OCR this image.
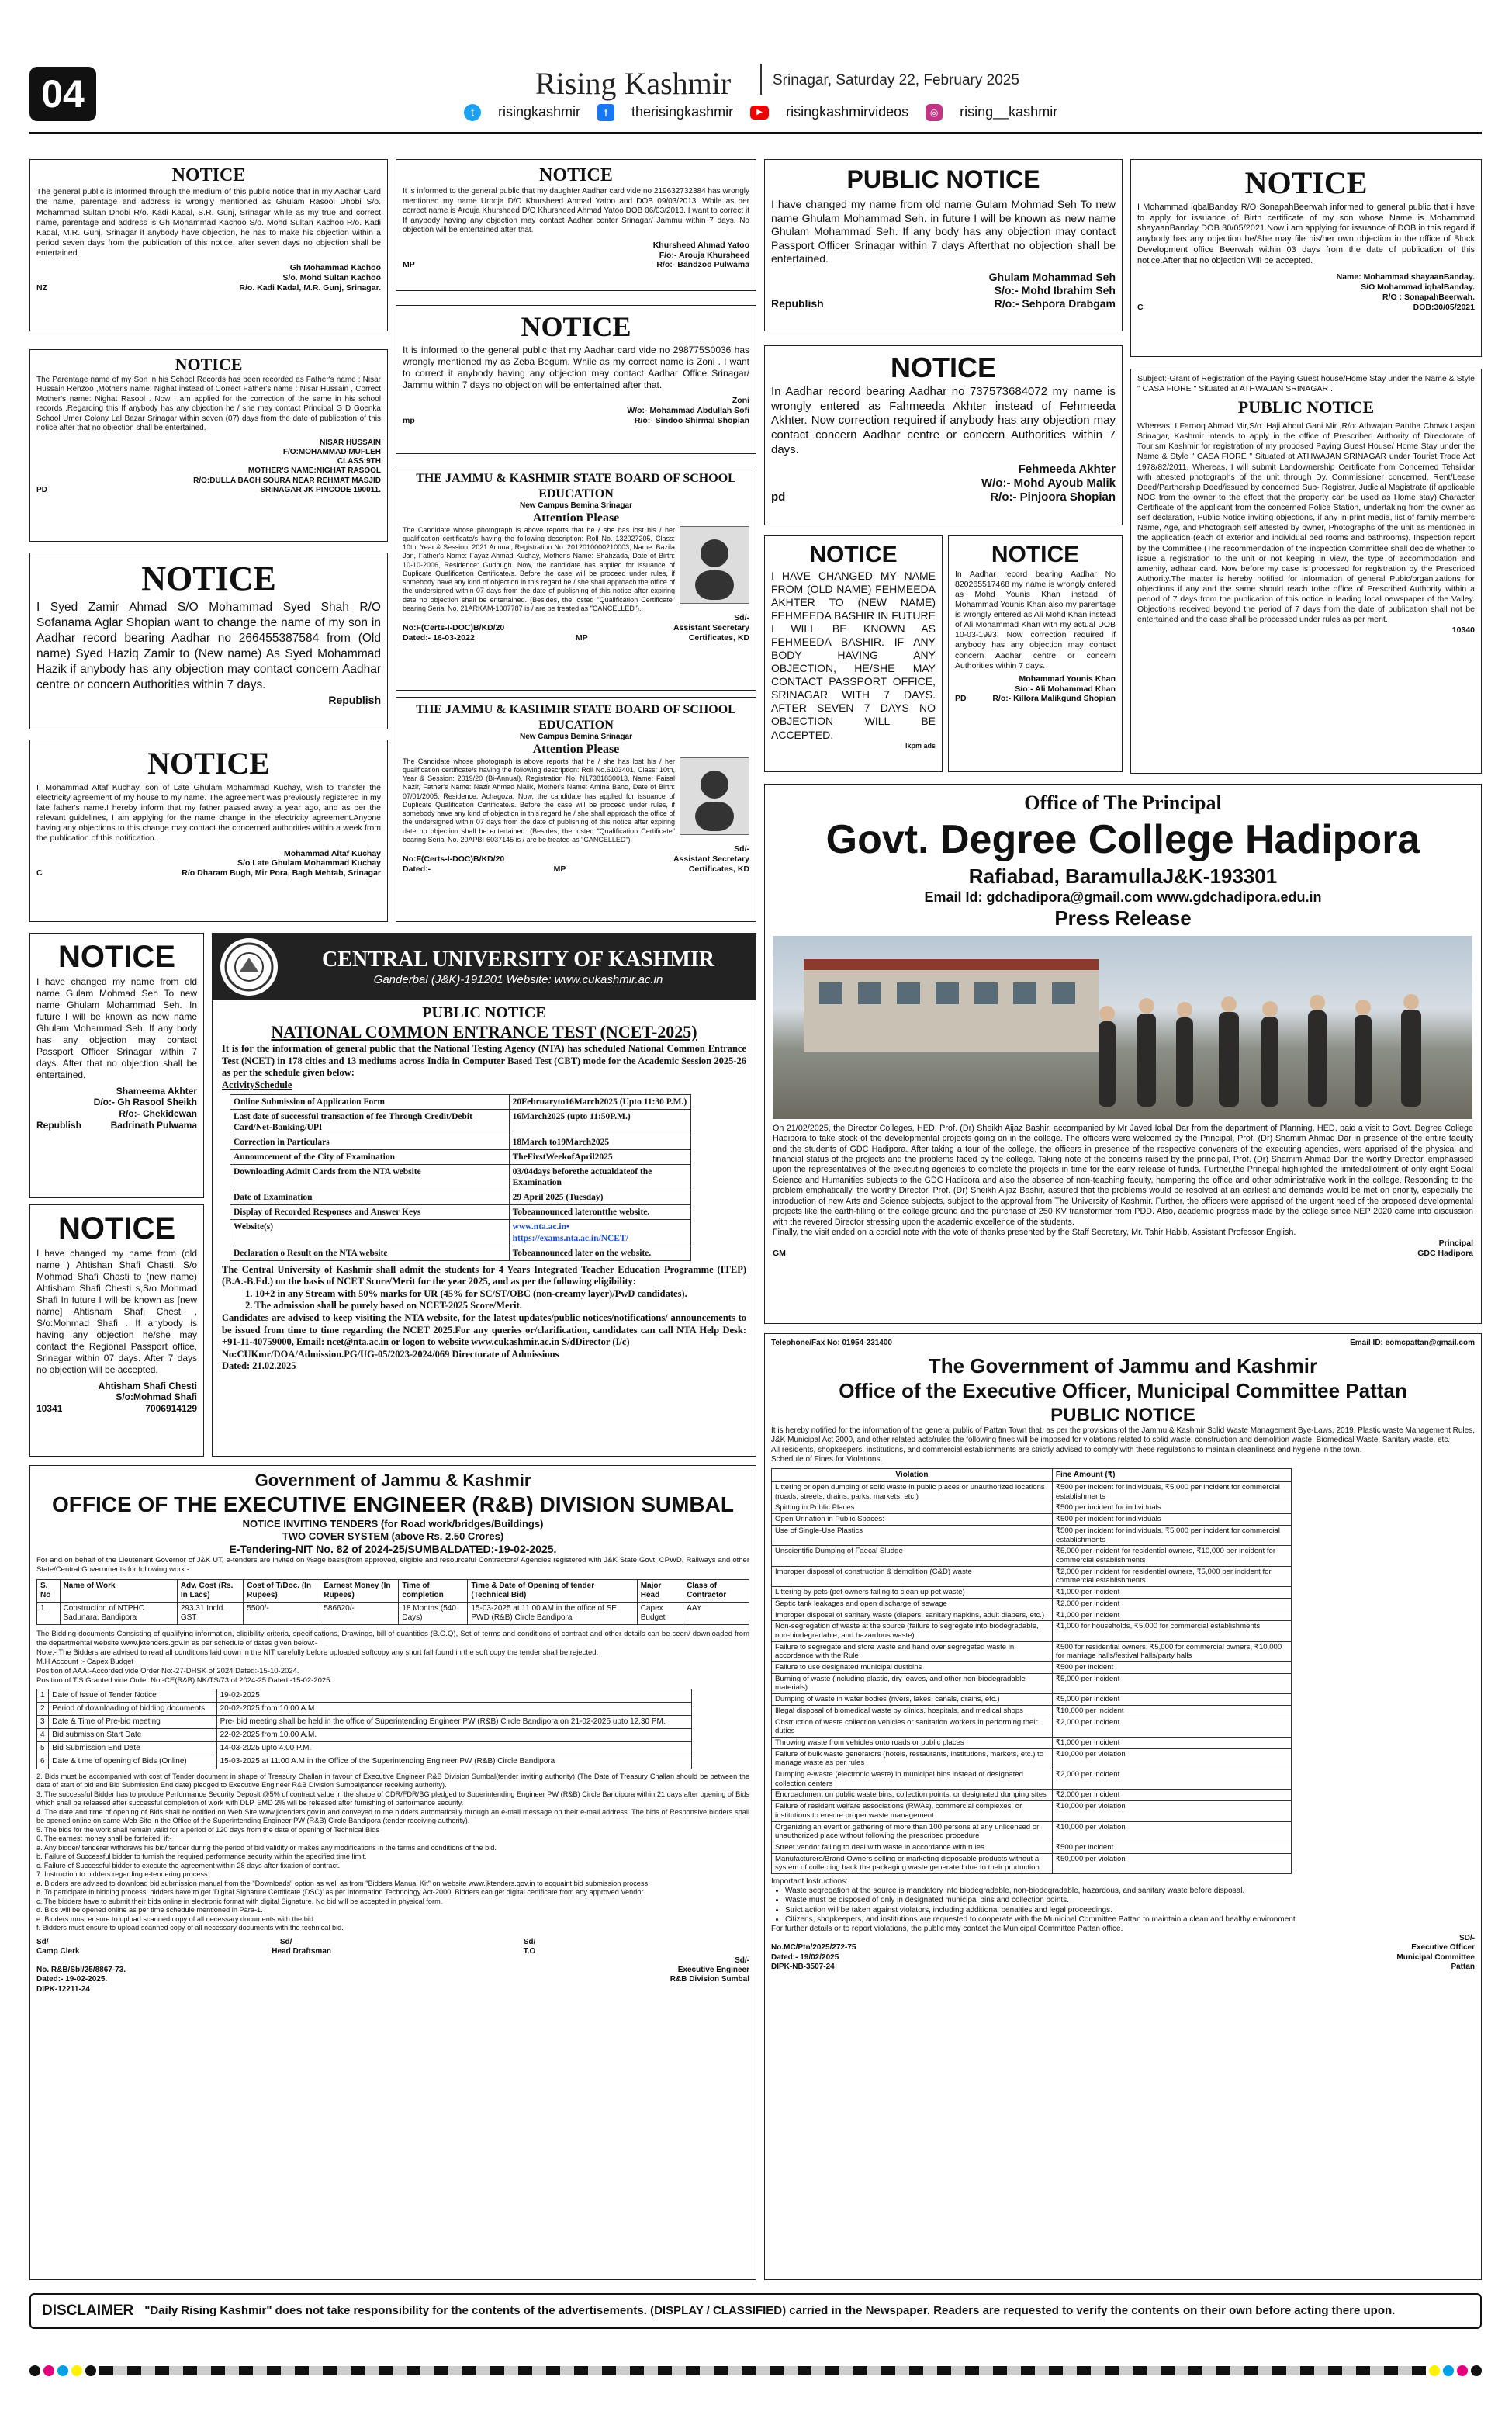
04	Rising Kashmir	Srinagar, Saturday 22, February 2025
t	risingkashmir	f	therisingkashmir	▶	risingkashmirvideos	◎	rising__kashmir
NOTICE
The general public is informed through the medium of this public notice that in my Aadhar Card the name, parentage and address is wrongly mentioned as Ghulam Rasool Dhobi S/o. Mohammad Sultan Dhobi R/o. Kadi Kadal, S.R. Gunj, Srinagar while as my true and correct name, parentage and address is Gh Mohammad Kachoo S/o. Mohd Sultan Kachoo R/o. Kadi Kadal, M.R. Gunj, Srinagar if anybody have objection, he has to make his objection within a period seven days from the publication of this notice, after seven days no objection shall be entertained.
Gh Mohammad Kachoo
S/o. Mohd Sultan Kachoo
NZ	R/o. Kadi Kadal, M.R. Gunj, Srinagar.
NOTICE
It is informed to the general public that my daughter Aadhar card vide no 219632732384 has wrongly mentioned my name Urooja D/O Khursheed Ahmad Yatoo and DOB 09/03/2013. While as her correct name is Arouja Khursheed D/O Khursheed Ahmad Yatoo DOB 06/03/2013. I want to correct it If anybody having any objection may contact Aadhar center Srinagar/ Jammu within 7 days. No objection will be entertained after that.
Khursheed Ahmad Yatoo
F/o:- Arouja Khursheed
MP	R/o:- Bandzoo Pulwama
PUBLIC NOTICE
I have changed my name from old name Gulam Mohmad Seh To new name Ghulam Mohammad Seh. in future I will be known as new name Ghulam Mohammad Seh. If any body has any objection may contact Passport Officer Srinagar within 7 days Afterthat no objection shall be entertained.
Ghulam Mohammad Seh
S/o:- Mohd Ibrahim Seh
Republish	R/o:- Sehpora Drabgam
NOTICE
I Mohammad iqbalBanday R/O SonapahBeerwah informed to general public that i have to apply for issuance of Birth certificate of my son whose Name is Mohammad shayaanBanday DOB 30/05/2021.Now i am applying for issuance of DOB in this regard if anybody has any objection he/She may file his/her own objection in the office of Block Development office Beerwah within 03 days from the date of publication of this notice.After that no objection Will be accepted.
Name: Mohammad shayaanBanday.
S/O Mohammad iqbalBanday.
R/O : SonapahBeerwah.
C	DOB:30/05/2021
NOTICE
The Parentage name of my Son in his School Records has been recorded as Father's name : Nisar Hussain Renzoo ,Mother's name: Nighat instead of Correct Father's name : Nisar Hussain , Correct Mother's name: Nighat Rasool . Now I am applied for the correction of the same in his school records .Regarding this If anybody has any objection he / she may contact Principal G D Goenka School Umer Colony Lal Bazar Srinagar within seven (07) days from the date of publication of this notice after that no objection shall be entertained.
NISAR HUSSAIN
F/O:MOHAMMAD MUFLEH
CLASS:9TH
MOTHER'S NAME:NIGHAT RASOOL
R/O:DULLA BAGH SOURA NEAR REHMAT MASJID
PD	SRINAGAR JK PINCODE 190011.
NOTICE
It is informed to the general public that my Aadhar card vide no 298775S0036 has wrongly mentioned my as Zeba Begum. While as my correct name is Zoni . I want to correct it anybody having any objection may contact Aadhar Office Srinagar/ Jammu within 7 days no objection will be entertained after that.
Zoni
W/o:- Mohammad Abdullah Sofi
mp	R/o:- Sindoo Shirmal Shopian
NOTICE
In Aadhar record bearing Aadhar no 737573684072 my name is wrongly entered as Fahmeeda Akhter instead of Fehmeeda Akhter. Now correction required if anybody has any objection may contact concern Aadhar centre or concern Authorities within 7 days.
Fehmeeda Akhter
W/o:- Mohd Ayoub Malik
pd	R/o:- Pinjoora Shopian
Subject:-Grant of Registration of the Paying Guest house/Home Stay under the Name & Style " CASA FIORE " Situated at ATHWAJAN SRINAGAR .
PUBLIC NOTICE
Whereas, I Farooq Ahmad Mir,S/o :Haji Abdul Gani Mir ,R/o: Athwajan Pantha Chowk Lasjan Srinagar, Kashmir intends to apply in the office of Prescribed Authority of Directorate of Tourism Kashmir for registration of my proposed Paying Guest House/ Home Stay under the Name & Style " CASA FIORE " Situated at ATHWAJAN SRINAGAR under Tourist Trade Act 1978/82/2011. Whereas, I will submit Landownership Certificate from Concerned Tehsildar with attested photographs of the unit through Dy. Commissioner concerned, Rent/Lease Deed/Partnership Deed/issued by concerned Sub- Registrar, Judicial Magistrate (if applicable NOC from the owner to the effect that the property can be used as Home stay),Character Certificate of the applicant from the concerned Police Station, undertaking from the owner as self declaration, Public Notice inviting objections, if any in print media, list of family members Name, Age, and Photograph self attested by owner, Photographs of the unit as mentioned in the application (each of exterior and individual bed rooms and bathrooms), Inspection report by the Committee (The recommendation of the inspection Committee shall decide whether to issue a registration to the unit or not keeping in view, the type of accommodation and amenity, adhaar card. Now before my case is processed for registration by the Prescribed Authority.The matter is hereby notified for information of general Pubic/organizations for objections if any and the same should reach tothe office of Prescribed Authority within a period of 7 days from the publication of this notice in leading local newspaper of the Valley. Objections received beyond the period of 7 days from the date of publication shall not be entertained and the case shall be processed under rules as per merit.
10340
NOTICE
I Syed Zamir Ahmad S/O Mohammad Syed Shah R/O Sofanama Aglar Shopian want to change the name of my son in Aadhar record bearing Aadhar no 266455387584 from (Old name) Syed Haziq Zamir to (New name) As Syed Mohammad Hazik if anybody has any objection may contact concern Aadhar centre or concern Authorities within 7 days.
Republish
THE JAMMU & KASHMIR STATE BOARD OF SCHOOL EDUCATION
New Campus Bemina Srinagar
Attention Please
The Candidate whose photograph is above reports that he / she has lost his / her qualification certificate/s having the following description: Roll No. 132027205, Class: 10th, Year & Session: 2021 Annual, Registration No. 2012010000210003, Name: Bazila Jan, Father's Name: Fayaz Ahmad Kuchay, Mother's Name: Shahzada, Date of Birth: 10-10-2006, Residence: Gudbugh. Now, the candidate has applied for issuance of Duplicate Qualification Certificate/s. Before the case will be proceed under rules, if somebody have any kind of objection in this regard he / she shall approach the office of the undersigned within 07 days from the date of publishing of this notice after expiring date no objection shall be entertained. (Besides, the losted "Qualification Certificate" bearing Serial No. 21ARKAM-1007787 is / are be treated as "CANCELLED").
Sd/-
No:F(Certs-I-DOC)B/KD/20	Assistant Secretary
Dated:- 16-03-2022	MP	Certificates, KD
NOTICE
I HAVE CHANGED MY NAME FROM (OLD NAME) FEHMEEDA AKHTER TO (NEW NAME) FEHMEEDA BASHIR IN FUTURE I WILL BE KNOWN AS FEHMEEDA BASHIR. IF ANY BODY HAVING ANY OBJECTION, HE/SHE MAY CONTACT PASSPORT OFFICE, SRINAGAR WITH 7 DAYS. AFTER SEVEN 7 DAYS NO OBJECTION WILL BE ACCEPTED.
lkpm ads
NOTICE
In Aadhar record bearing Aadhar No 820265517468 my name is wrongly entered as Mohd Younis Khan instead of Mohammad Younis Khan also my parentage is wrongly entered as Ali Mohd Khan instead of Ali Mohammad Khan with my actual DOB 10-03-1993. Now correction required if anybody has any objection may contact concern Aadhar centre or concern Authorities within 7 days.
Mohammad Younis Khan
S/o:- Ali Mohammad Khan
PD	R/o:- Killora Malikgund Shopian
NOTICE
I, Mohammad Altaf Kuchay, son of Late Ghulam Mohammad Kuchay, wish to transfer the electricity agreement of my house to my name. The agreement was previously registered in my late father's name.I hereby inform that my father passed away a year ago, and as per the relevant guidelines, I am applying for the name change in the electricity agreement.Anyone having any objections to this change may contact the concerned authorities within a week from the publication of this notification.
Mohammad Altaf Kuchay
S/o Late Ghulam Mohammad Kuchay
C	R/o Dharam Bugh, Mir Pora, Bagh Mehtab, Srinagar
THE JAMMU & KASHMIR STATE BOARD OF SCHOOL EDUCATION
New Campus Bemina Srinagar
Attention Please
The Candidate whose photograph is above reports that he / she has lost his / her qualification certificate/s having the following description: Roll No.6103401, Class: 10th, Year & Session: 2019/20 (Bi-Annual), Registration No. N17381830013, Name: Faisal Nazir, Father's Name: Nazir Ahmad Malik, Mother's Name: Amina Bano, Date of Birth: 07/01/2005, Residence: Achagoza. Now, the candidate has applied for issuance of Duplicate Qualification Certificate/s. Before the case will be proceed under rules, if somebody have any kind of objection in this regard he / she shall approach the office of the undersigned within 07 days from the date of publishing of this notice after expiring date no objection shall be entertained. (Besides, the losted "Qualification Certificate" bearing Serial No. 20APBI-6037145 is / are be treated as "CANCELLED").
Sd/-
No:F(Certs-I-DOC)B/KD/20	Assistant Secretary
Dated:-	MP	Certificates, KD
Office of The Principal
Govt. Degree College Hadipora
Rafiabad, BaramullaJ&K-193301
Email Id: gdchadipora@gmail.com www.gdchadipora.edu.in
Press Release
On 21/02/2025, the Director Colleges, HED, Prof. (Dr) Sheikh Aijaz Bashir, accompanied by Mr Javed Iqbal Dar from the department of Planning, HED, paid a visit to Govt. Degree College Hadipora to take stock of the developmental projects going on in the college. The officers were welcomed by the Principal, Prof. (Dr) Shamim Ahmad Dar in presence of the entire faculty and the students of GDC Hadipora. After taking a tour of the college, the officers in presence of the respective conveners of the executing agencies, were apprised of the physical and financial status of the projects and the problems faced by the college. Taking note of the concerns raised by the principal, Prof. (Dr) Shamim Ahmad Dar, the worthy Director, emphasised upon the representatives of the executing agencies to complete the projects in time for the early release of funds. Further,the Principal highlighted the limitedallotment of only eight Social Science and Humanities subjects to the GDC Hadipora and also the absence of non-teaching faculty, hampering the office and other administrative work in the college. Responding to the problem emphatically, the worthy Director, Prof. (Dr) Sheikh Aijaz Bashir, assured that the problems would be resolved at an earliest and demands would be met on priority, especially the introduction of new Arts and Science subjects, subject to the approval from The University of Kashmir. Further, the officers were apprised of the urgent need of the proposed developmental projects like the earth-filling of the college ground and the purchase of 250 KV transformer from PDD. Also, academic progress made by the college since NEP 2020 came into discussion with the revered Director stressing upon the academic excellence of the students.
Finally, the visit ended on a cordial note with the vote of thanks presented by the Staff Secretary, Mr. Tahir Habib, Assistant Professor English.
Principal
GM	GDC Hadipora
NOTICE
I have changed my name from old name Gulam Mohmad Seh To new name Ghulam Mohammad Seh. In future I will be known as new name Ghulam Mohammad Seh. If any body has any objection may contact Passport Officer Srinagar within 7 days. After that no objection shall be entertained.
Shameema Akhter
D/o:- Gh Rasool Sheikh
R/o:- Chekidewan
Republish	Badrinath Pulwama
NOTICE
I have changed my name from (old name ) Ahtishan Shafi Chasti, S/o Mohmad Shafi Chasti to (new name) Ahtisham Shafi Chesti s,S/o Mohmad Shafi In future I will be known as [new name] Ahtisham Shafi Chesti , S/o:Mohmad Shafi . If anybody is having any objection he/she may contact the Regional Passport office, Srinagar within 07 days. After 7 days no objection will be accepted.
Ahtisham Shafi Chesti
S/o:Mohmad Shafi
10341	7006914129
CENTRAL UNIVERSITY OF KASHMIR
Ganderbal (J&K)-191201 Website: www.cukashmir.ac.in
PUBLIC NOTICE
NATIONAL COMMON ENTRANCE TEST (NCET-2025)
It is for the information of general public that the National Testing Agency (NTA) has scheduled National Common Entrance Test (NCET) in 178 cities and 13 mediums across India in Computer Based Test (CBT) mode for the Academic Session 2025-26 as per the schedule given below:
ActivitySchedule
Online Submission of Application Form	20Februaryto16March2025 (Upto 11:30 P.M.)
Last date of successful transaction of fee Through Credit/Debit Card/Net-Banking/UPI	16March2025 (upto 11:50P.M.)
Correction in Particulars	18March to19March2025
Announcement of the City of Examination	TheFirstWeekofApril2025
Downloading Admit Cards from the NTA website	03/04days beforethe actualdateof the Examination
Date of Examination	29 April 2025 (Tuesday)
Display of Recorded Responses and Answer Keys	Tobeannounced laterontthe website.
Website(s)	www.nta.ac.in• https://exams.nta.ac.in/NCET/
Declaration o Result on the NTA website	Tobeannounced later on the website.
The Central University of Kashmir shall admit the students for 4 Years Integrated Teacher Education Programme (ITEP) (B.A.-B.Ed.) on the basis of NCET Score/Merit for the year 2025, and as per the following eligibility:
1. 10+2 in any Stream with 50% marks for UR (45% for SC/ST/OBC (non-creamy layer)/PwD candidates).
2. The admission shall be purely based on NCET-2025 Score/Merit.
Candidates are advised to keep visiting the NTA website, for the latest updates/public notices/notifications/ announcements to be issued from time to time regarding the NCET 2025.For any queries or/clarification, candidates can call NTA Help Desk: +91-11-40759000, Email: ncet@nta.ac.in or logon to website www.cukashmir.ac.in S/dDirector (I/c)
No:CUKmr/DOA/Admission.PG/UG-05/2023-2024/069 Directorate of Admissions
Dated: 21.02.2025
Government of Jammu & Kashmir
OFFICE OF THE EXECUTIVE ENGINEER (R&B) DIVISION SUMBAL
NOTICE INVITING TENDERS (for Road work/bridges/Buildings)
TWO COVER SYSTEM (above Rs. 2.50 Crores)
E-Tendering-NIT No. 82 of 2024-25/SUMBALDATED:-19-02-2025.
For and on behalf of the Lieutenant Governor of J&K UT, e-tenders are invited on %age basis(from approved, eligible and resourceful Contractors/ Agencies registered with J&K State Govt. CPWD, Railways and other State/Central Governments for following work:-
S. No	Name of Work	Adv. Cost (Rs. In Lacs)	Cost of T/Doc. (In Rupees)	Earnest Money (In Rupees)	Time of completion	Time & Date of Opening of tender (Technical Bid)	Major Head	Class of Contractor
1.	Construction of NTPHC Sadunara, Bandipora	293.31 Incld. GST	5500/-	586620/-	18 Months (540 Days)	15-03-2025 at 11.00 AM in the office of SE PWD (R&B) Circle Bandipora	Capex Budget	AAY
The Bidding documents Consisting of qualifying information, eligibility criteria, specifications, Drawings, bill of quantities (B.O.Q), Set of terms and conditions of contract and other details can be seen/ downloaded from the departmental website www.jktenders.gov.in as per schedule of dates given below:-
Note:- The Bidders are advised to read all conditions laid down in the NIT carefully before uploaded softcopy any short fall found in the soft copy the tender shall be rejected.
M.H Account :- Capex Budget
Position of AAA:-Accorded vide Order No:-27-DHSK of 2024 Dated:-15-10-2024.
Position of T.S Granted vide Order No:-CE(R&B) NK/TS/73 of 2024-25 Dated:-15-02-2025.
1	Date of Issue of Tender Notice	19-02-2025
2	Period of downloading of bidding documents	20-02-2025 from 10.00 A.M
3	Date & Time of Pre-bid meeting	Pre- bid meeting shall be held in the office of Superintending Engineer PW (R&B) Circle Bandipora on 21-02-2025 upto 12.30 PM.
4	Bid submission Start Date	22-02-2025 from 10.00 A.M.
5	Bid Submission End Date	14-03-2025 upto 4.00 P.M.
6	Date & time of opening of Bids (Online)	15-03-2025 at 11.00 A.M in the Office of the Superintending Engineer PW (R&B) Circle Bandipora
2. Bids must be accompanied with cost of Tender document in shape of Treasury Challan in favour of Executive Engineer R&B Division Sumbal(tender inviting authority) (The Date of Treasury Challan should be between the date of start of bid and Bid Submission End date) pledged to Executive Engineer R&B Division Sumbal(tender receiving authority).
3. The successful Bidder has to produce Performance Security Deposit @5% of contract value in the shape of CDR/FDR/BG pledged to Superintending Engineer PW (R&B) Circle Bandipora within 21 days after opening of Bids which shall be released after successful completion of work with DLP. EMD 2% will be released after furnishing of performance security.
4. The date and time of opening of Bids shall be notified on Web Site www.jktenders.gov.in and conveyed to the bidders automatically through an e-mail message on their e-mail address. The bids of Responsive bidders shall be opened online on same Web Site in the Office of the Superintending Engineer PW (R&B) Circle Bandipora (tender receiving authority).
5. The bids for the work shall remain valid for a period of 120 days from the date of opening of Technical Bids
6. The earnest money shall be forfeited, if:-
a. Any bidder/ tenderer withdraws his bid/ tender during the period of bid validity or makes any modifications in the terms and conditions of the bid.
b. Failure of Successful bidder to furnish the required performance security within the specified time limit.
c. Failure of Successful bidder to execute the agreement within 28 days after fixation of contract.
7. Instruction to bidders regarding e-tendering process.
a. Bidders are advised to download bid submission manual from the "Downloads" option as well as from "Bidders Manual Kit" on website www.jktenders.gov.in to acquaint bid submission process.
b. To participate in bidding process, bidders have to get 'Digital Signature Certificate (DSC)' as per Information Technology Act-2000. Bidders can get digital certificate from any approved Vendor.
c. The bidders have to submit their bids online in electronic format with digital Signature. No bid will be accepted in physical form.
d. Bids will be opened online as per time schedule mentioned in Para-1.
e. Bidders must ensure to upload scanned copy of all necessary documents with the bid.
f. Bidders must ensure to upload scanned copy of all necessary documents with the technical bid.
Sd/	Sd/	Sd/
Camp Clerk	Head Draftsman	T.O
Sd/-
No. R&B/Sbl/25/8867-73.	Executive Engineer
Dated:- 19-02-2025.	R&B Division Sumbal
DIPK-12211-24
Telephone/Fax No: 01954-231400	Email ID: eomcpattan@gmail.com
The Government of Jammu and Kashmir
Office of the Executive Officer, Municipal Committee Pattan
PUBLIC NOTICE
It is hereby notified for the information of the general public of Pattan Town that, as per the provisions of the Jammu & Kashmir Solid Waste Management Bye-Laws, 2019, Plastic waste Management Rules, J&K Municipal Act 2000, and other related acts/rules the following fines will be imposed for violations related to solid waste, construction and demolition waste, Biomedical Waste, Sanitary waste, etc.
All residents, shopkeepers, institutions, and commercial establishments are strictly advised to comply with these regulations to maintain cleanliness and hygiene in the town.
Schedule of Fines for Violations.
Violation	Fine Amount (₹)
Littering or open dumping of solid waste in public places or unauthorized locations (roads, streets, drains, parks, markets, etc.)	₹500 per incident for individuals, ₹5,000 per incident for commercial establishments
Spitting in Public Places	₹500 per incident for individuals
Open Urination in Public Spaces:	₹500 per incident for individuals
Use of Single-Use Plastics	₹500 per incident for individuals, ₹5,000 per incident for commercial establishments
Unscientific Dumping of Faecal Sludge	₹5,000 per incident for residential owners, ₹10,000 per incident for commercial establishments
Improper disposal of construction & demolition (C&D) waste	₹2,000 per incident for residential owners, ₹5,000 per incident for commercial establishments
Littering by pets (pet owners failing to clean up pet waste)	₹1,000 per incident
Septic tank leakages and open discharge of sewage	₹2,000 per incident
Improper disposal of sanitary waste (diapers, sanitary napkins, adult diapers, etc.)	₹1,000 per incident
Non-segregation of waste at the source (failure to segregate into biodegradable, non-biodegradable, and hazardous waste)	₹1,000 for households, ₹5,000 for commercial establishments
Failure to segregate and store waste and hand over segregated waste in accordance with the Rule	₹500 for residential owners, ₹5,000 for commercial owners, ₹10,000 for marriage halls/festival halls/party halls
Failure to use designated municipal dustbins	₹500 per incident
Burning of waste (including plastic, dry leaves, and other non-biodegradable materials)	₹5,000 per incident
Dumping of waste in water bodies (rivers, lakes, canals, drains, etc.)	₹5,000 per incident
Illegal disposal of biomedical waste by clinics, hospitals, and medical shops	₹10,000 per incident
Obstruction of waste collection vehicles or sanitation workers in performing their duties	₹2,000 per incident
Throwing waste from vehicles onto roads or public places	₹1,000 per incident
Failure of bulk waste generators (hotels, restaurants, institutions, markets, etc.) to manage waste as per rules	₹10,000 per violation
Dumping e-waste (electronic waste) in municipal bins instead of designated collection centers	₹2,000 per incident
Encroachment on public waste bins, collection points, or designated dumping sites	₹2,000 per incident
Failure of resident welfare associations (RWAs), commercial complexes, or institutions to ensure proper waste management	₹10,000 per violation
Organizing an event or gathering of more than 100 persons at any unlicensed or unauthorized place without following the prescribed procedure	₹10,000 per violation
Street vendor failing to deal with waste in accordance with rules	₹500 per incident
Manufacturers/Brand Owners selling or marketing disposable products without a system of collecting back the packaging waste generated due to their production	₹50,000 per violation
Important Instructions:
• Waste segregation at the source is mandatory into biodegradable, non-biodegradable, hazardous, and sanitary waste before disposal.
• Waste must be disposed of only in designated municipal bins and collection points.
• Strict action will be taken against violators, including additional penalties and legal proceedings.
• Citizens, shopkeepers, and institutions are requested to cooperate with the Municipal Committee Pattan to maintain a clean and healthy environment.
For further details or to report violations, the public may contact the Municipal Committee Pattan office.
SD/-
No.MC/Ptn/2025/272-75	Executive Officer
Dated:- 19/02/2025	Municipal Committee
DIPK-NB-3507-24	Pattan
DISCLAIMER "Daily Rising Kashmir" does not take responsibility for the contents of the advertisements. (DISPLAY / CLASSIFIED) carried in the Newspaper. Readers are requested to verify the contents on their own before acting there upon.
